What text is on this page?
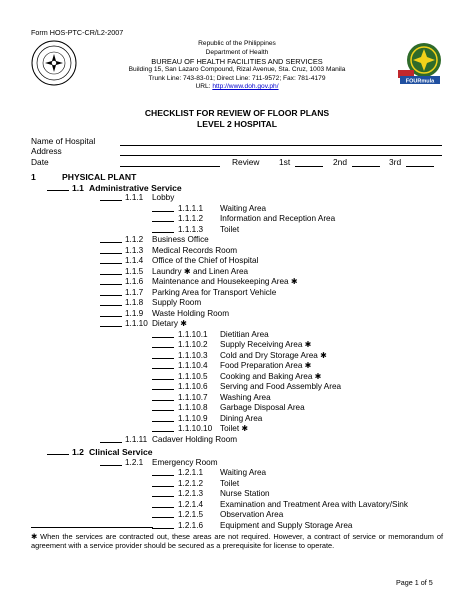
Form HOS-PTC-CR/L2-2007
FOURmula
Republic of the Philippines
Department of Health
BUREAU OF HEALTH FACILITIES AND SERVICES
Building 15, San Lazaro Compound, Rizal Avenue, Sta. Cruz, 1003 Manila
Trunk Line: 743-83-01; Direct Line: 711-9572; Fax: 781-4179
URL: http://www.doh.gov.ph/
CHECKLIST FOR REVIEW OF FLOOR PLANS
LEVEL 2 HOSPITAL
Name of Hospital
Address
Date	Review 1st	2nd	3rd
1	PHYSICAL PLANT
1.1 Administrative Service
1.1.1 Lobby
1.1.1.1 Waiting Area
1.1.1.2 Information and Reception Area
1.1.1.3 Toilet
1.1.2 Business Office
1.1.3 Medical Records Room
1.1.4 Office of the Chief of Hospital
1.1.5 Laundry ✱ and Linen Area
1.1.6 Maintenance and Housekeeping Area ✱
1.1.7 Parking Area for Transport Vehicle
1.1.8 Supply Room
1.1.9 Waste Holding Room
1.1.10 Dietary ✱
1.1.10.1 Dietitian Area
1.1.10.2 Supply Receiving Area ✱
1.1.10.3 Cold and Dry Storage Area ✱
1.1.10.4 Food Preparation Area ✱
1.1.10.5 Cooking and Baking Area ✱
1.1.10.6 Serving and Food Assembly Area
1.1.10.7 Washing Area
1.1.10.8 Garbage Disposal Area
1.1.10.9 Dining Area
1.1.10.10 Toilet ✱
1.1.11 Cadaver Holding Room
1.2 Clinical Service
1.2.1 Emergency Room
1.2.1.1 Waiting Area
1.2.1.2 Toilet
1.2.1.3 Nurse Station
1.2.1.4 Examination and Treatment Area with Lavatory/Sink
1.2.1.5 Observation Area
1.2.1.6 Equipment and Supply Storage Area
✱ When the services are contracted out, these areas are not required. However, a contract of service or memorandum of agreement with a service provider should be secured as a prerequisite for license to operate.
Page 1 of 5
